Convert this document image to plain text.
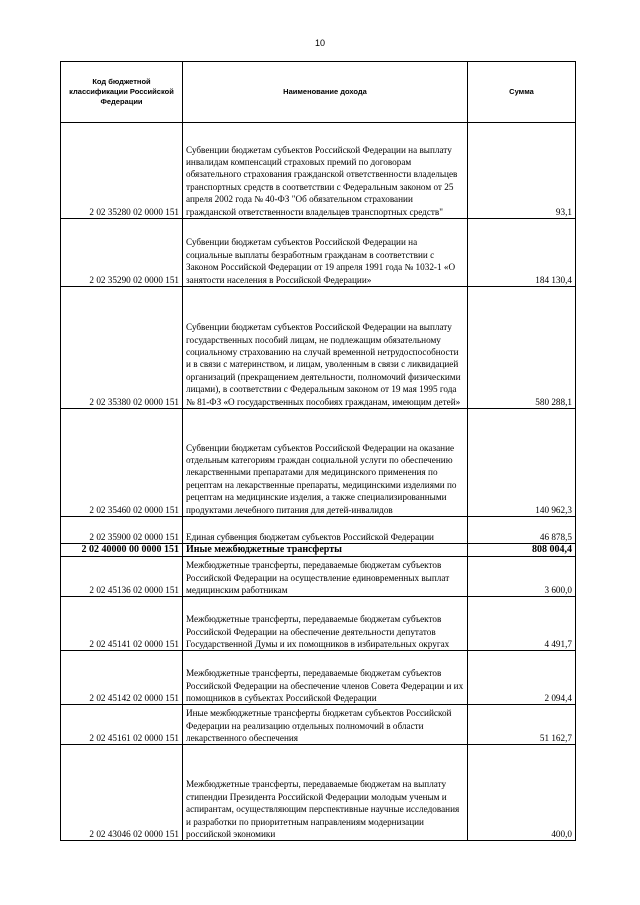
10
Код бюджетной классификации Российской Федерации	Наименование дохода	Сумма
2 02 35280 02 0000 151	Субвенции бюджетам субъектов Российской Федерации на выплату инвалидам компенсаций страховых премий по договорам обязательного страхования гражданской ответственности владельцев транспортных средств в соответствии с Федеральным законом от 25 апреля 2002 года № 40-ФЗ "Об обязательном страховании гражданской ответственности владельцев транспортных средств"	93,1
2 02 35290 02 0000 151	Субвенции бюджетам субъектов Российской Федерации на социальные выплаты безработным гражданам в соответствии с Законом Российской Федерации от 19 апреля 1991 года № 1032-1 «О занятости населения в Российской Федерации»	184 130,4
2 02 35380 02 0000 151	Субвенции бюджетам субъектов Российской Федерации на выплату государственных пособий лицам, не подлежащим обязательному социальному страхованию на случай временной нетрудоспособности и в связи с материнством, и лицам, уволенным в связи с ликвидацией организаций (прекращением деятельности, полномочий физическими лицами), в соответствии с Федеральным законом от 19 мая 1995 года № 81-ФЗ «О государственных пособиях гражданам, имеющим детей»	580 288,1
2 02 35460 02 0000 151	Субвенции бюджетам субъектов Российской Федерации на оказание отдельным категориям граждан социальной услуги по обеспечению лекарственными препаратами для медицинского применения по рецептам на лекарственные препараты, медицинскими изделиями по рецептам на медицинские изделия, а также специализированными продуктами лечебного питания для детей-инвалидов	140 962,3
2 02 35900 02 0000 151	Единая субвенция бюджетам субъектов Российской Федерации	46 878,5
2 02 40000 00 0000 151	Иные межбюджетные трансферты	808 004,4
2 02 45136 02 0000 151	Межбюджетные трансферты, передаваемые бюджетам субъектов Российской Федерации на осуществление единовременных выплат медицинским работникам	3 600,0
2 02 45141 02 0000 151	Межбюджетные трансферты, передаваемые бюджетам субъектов Российской Федерации на обеспечение деятельности депутатов Государственной Думы и их помощников в избирательных округах	4 491,7
2 02 45142 02 0000 151	Межбюджетные трансферты, передаваемые бюджетам субъектов Российской Федерации на обеспечение членов Совета Федерации и их помощников в субъектах Российской Федерации	2 094,4
2 02 45161 02 0000 151	Иные межбюджетные трансферты бюджетам субъектов Российской Федерации на реализацию отдельных полномочий в области лекарственного обеспечения	51 162,7
2 02 43046 02 0000 151	Межбюджетные трансферты, передаваемые бюджетам на выплату стипендии Президента Российской Федерации молодым ученым и аспирантам, осуществляющим перспективные научные исследования и разработки по приоритетным направлениям модернизации российской экономики	400,0
